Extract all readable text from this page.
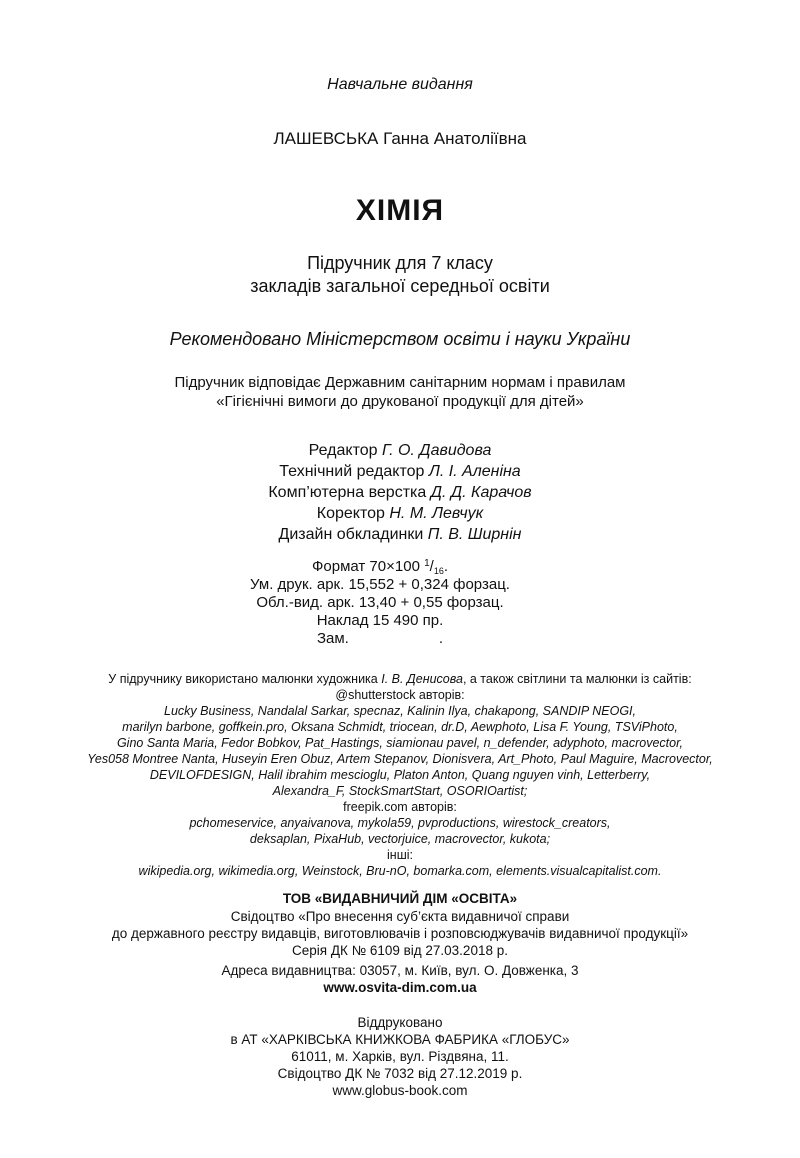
Навчальне видання
ЛАШЕВСЬКА Ганна Анатоліївна
ХІМІЯ
Підручник для 7 класу
закладів загальної середньої освіти
Рекомендовано Міністерством освіти і науки України
Підручник відповідає Державним санітарним нормам і правилам
«Гігієнічні вимоги до друкованої продукції для дітей»
Редактор Г. О. Давидова
Технічний редактор Л. І. Аленіна
Комп’ютерна верстка Д. Д. Карачов
Коректор Н. М. Левчук
Дизайн обкладинки П. В. Ширнін
Формат 70×100 $^1/_{16}$.
Ум. друк. арк. 15,552 + 0,324 форзац.
Обл.-вид. арк. 13,40 + 0,55 форзац.
Наклад 15 490 пр.
Зам.	.
У підручнику використано малюнки художника І. В. Денисова, а також світлини та малюнки із сайтів:
@shutterstock авторів:
Lucky Business, Nandalal Sarkar, specnaz, Kalinin Ilya, chakapong, SANDIP NEOGI,
marilyn barbone, goffkein.pro, Oksana Schmidt, triocean, dr.D, Aewphoto, Lisa F. Young, TSViPhoto,
Gino Santa Maria, Fedor Bobkov, Pat_Hastings, siamionau pavel, n_defender, adyphoto, macrovector,
Yes058 Montree Nanta, Huseyin Eren Obuz, Artem Stepanov, Dionisvera, Art_Photo, Paul Maguire, Macrovector,
DEVILOFDESIGN, Halil ibrahim mescioglu, Platon Anton, Quang nguyen vinh, Letterberry,
Alexandra_F, StockSmartStart, OSORIOartist;
freepik.com авторів:
pchomeservice, anyaivanova, mykola59, pvproductions, wirestock_creators,
deksaplan, PixaHub, vectorjuice, macrovector, kukota;
інші:
wikipedia.org, wikimedia.org, Weinstock, Bru-nO, bomarka.com, elements.visualcapitalist.com.
ТОВ «ВИДАВНИЧИЙ ДІМ «ОСВІТА»
Свідоцтво «Про внесення суб’єкта видавничої справи
до державного реєстру видавців, виготовлювачів і розповсюджувачів видавничої продукції»
Серія ДК № 6109 від 27.03.2018 р.
Адреса видавництва: 03057, м. Київ, вул. О. Довженка, 3
www.osvita-dim.com.ua
Віддруковано
в АТ «ХАРКІВСЬКА КНИЖКОВА ФАБРИКА «ГЛОБУС»
61011, м. Харків, вул. Різдвяна, 11.
Свідоцтво ДК № 7032 від 27.12.2019 р.
www.globus-book.com
